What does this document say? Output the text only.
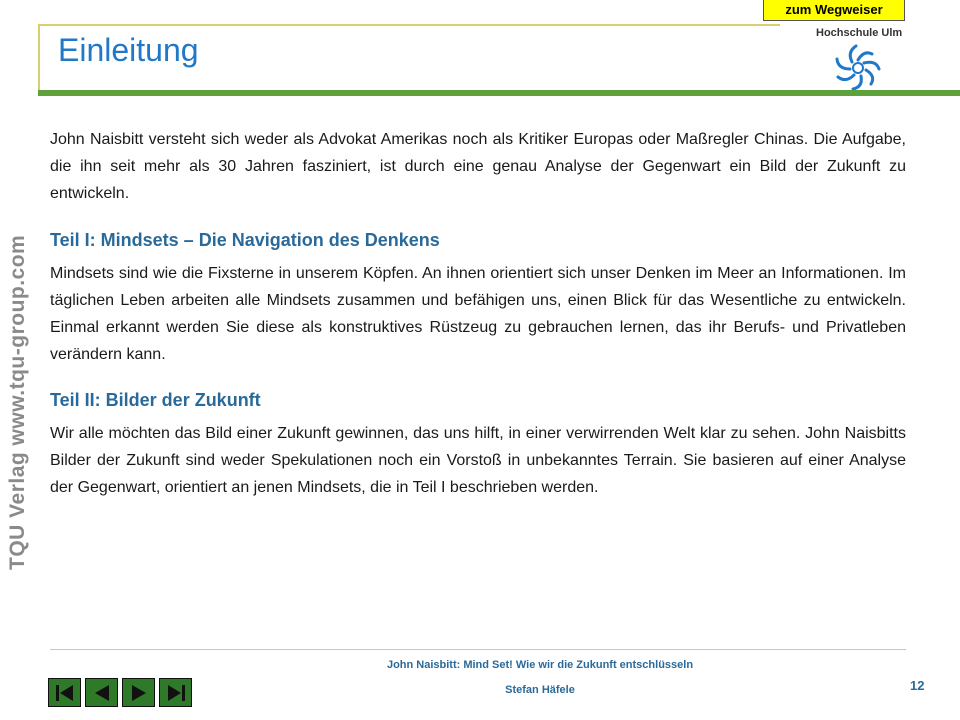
TQU Verlag www.tqu-group.com
zum Wegweiser
Einleitung	Hochschule Ulm

John Naisbitt versteht sich weder als Advokat Amerikas noch als Kritiker Europas oder Maßregler Chinas. Die Aufgabe, die ihn seit mehr als 30 Jahren fasziniert, ist durch eine genau Analyse der Gegenwart ein Bild der Zukunft zu entwickeln.

Teil I: Mindsets – Die Navigation des Denkens

Mindsets sind wie die Fixsterne in unserem Köpfen. An ihnen orientiert sich unser Denken im Meer an Informationen. Im täglichen Leben arbeiten alle Mindsets zusammen und befähigen uns, einen Blick für das Wesentliche zu entwickeln. Einmal erkannt werden Sie diese als konstruktives Rüstzeug zu gebrauchen lernen, das ihr Berufs- und Privatleben verändern kann.

Teil II: Bilder der Zukunft

Wir alle möchten das Bild einer Zukunft gewinnen, das uns hilft, in einer verwirrenden Welt klar zu sehen. John Naisbitts Bilder der Zukunft sind weder Spekulationen noch ein Vorstoß in unbekanntes Terrain. Sie basieren auf einer Analyse der Gegenwart, orientiert an jenen Mindsets, die in Teil I beschrieben werden.

John Naisbitt: Mind Set! Wie wir die Zukunft entschlüsseln
Stefan Häfele	12
